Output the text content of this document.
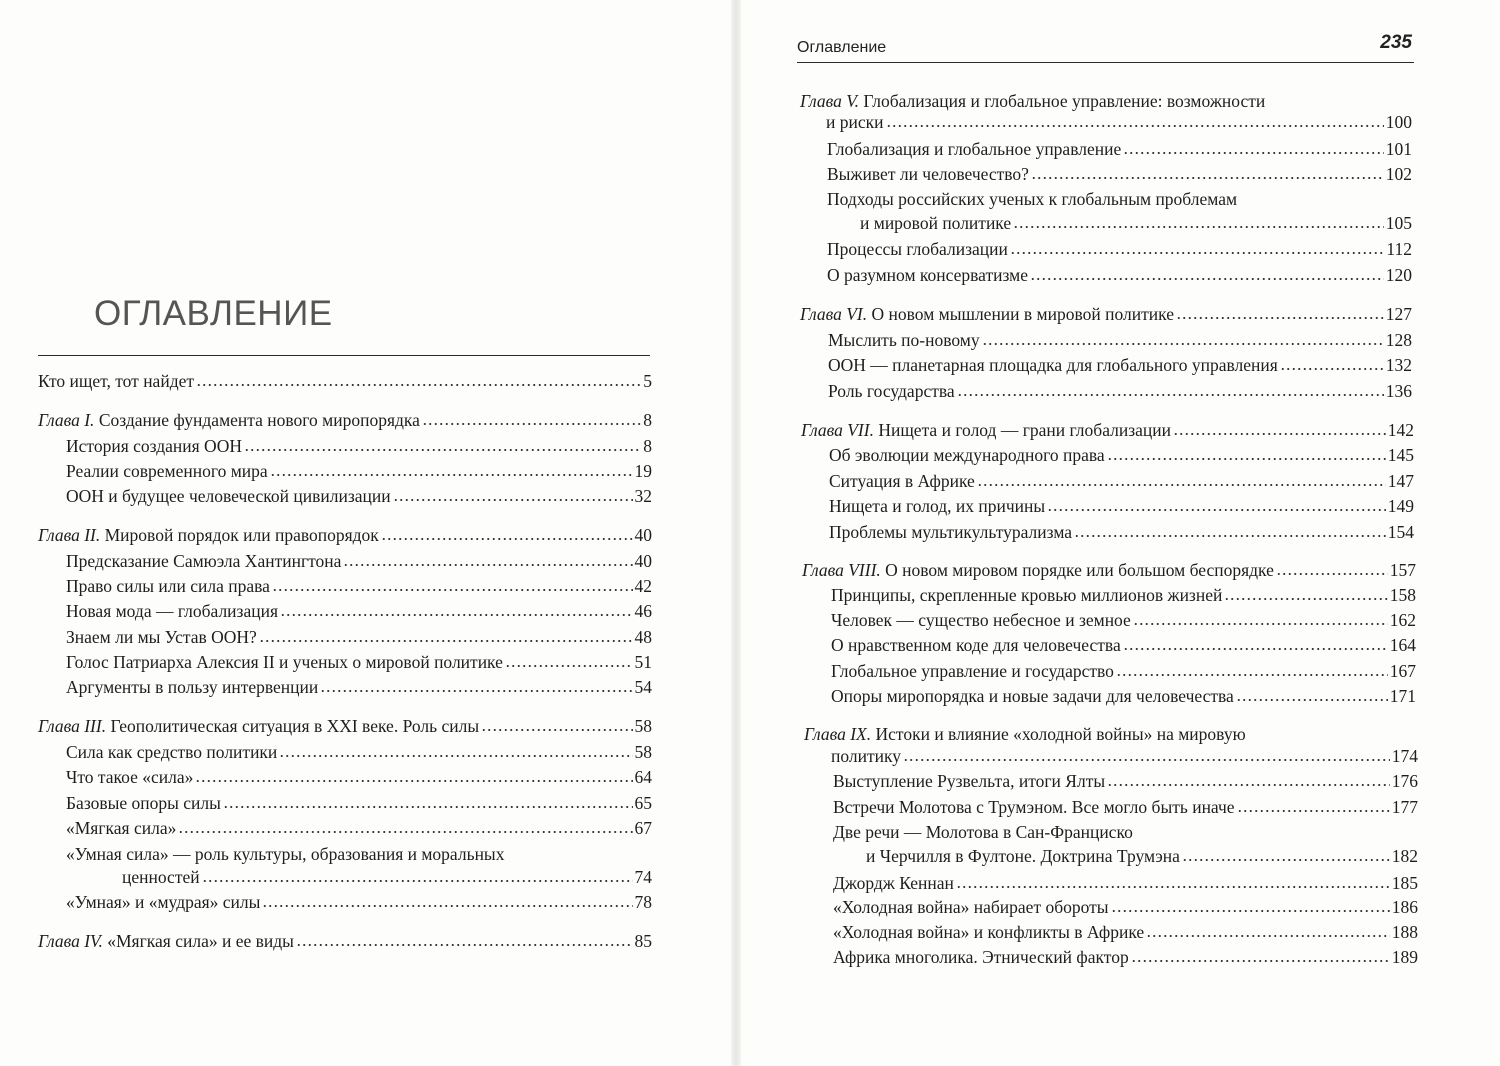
ОГЛАВЛЕНИЕ
Кто ищет, тот найдет	5
Глава I. Создание фундамента нового миропорядка	8
История создания ООН	8
Реалии современного мира	19
ООН и будущее человеческой цивилизации	32
Глава II. Мировой порядок или правопорядок	40
Предсказание Самюэла Хантингтона	40
Право силы или сила права	42
Новая мода — глобализация	46
Знаем ли мы Устав ООН?	48
Голос Патриарха Алексия II и ученых о мировой политике	51
Аргументы в пользу интервенции	54
Глава III. Геополитическая ситуация в XXI веке. Роль силы	58
Сила как средство политики	58
Что такое «сила»	64
Базовые опоры силы	65
«Мягкая сила»	67
«Умная сила» — роль культуры, образования и моральных
ценностей	74
«Умная» и «мудрая» силы	78
Глава IV. «Мягкая сила» и ее виды	85
Оглавление	235
Глава V. Глобализация и глобальное управление: возможности
и риски	100
Глобализация и глобальное управление	101
Выживет ли человечество?	102
Подходы российских ученых к глобальным проблемам
и мировой политике	105
Процессы глобализации	112
О разумном консерватизме	120
Глава VI. О новом мышлении в мировой политике	127
Мыслить по-новому	128
ООН — планетарная площадка для глобального управления	132
Роль государства	136
Глава VII. Нищета и голод — грани глобализации	142
Об эволюции международного права	145
Ситуация в Африке	147
Нищета и голод, их причины	149
Проблемы мультикультурализма	154
Глава VIII. О новом мировом порядке или большом беспорядке	157
Принципы, скрепленные кровью миллионов жизней	158
Человек — существо небесное и земное	162
О нравственном коде для человечества	164
Глобальное управление и государство	167
Опоры миропорядка и новые задачи для человечества	171
Глава IX. Истоки и влияние «холодной войны» на мировую
политику	174
Выступление Рузвельта, итоги Ялты	176
Встречи Молотова с Трумэном. Все могло быть иначе	177
Две речи — Молотова в Сан-Франциско
и Черчилля в Фултоне. Доктрина Трумэна	182
Джордж Кеннан	185
«Холодная война» набирает обороты	186
«Холодная война» и конфликты в Африке	188
Африка многолика. Этнический фактор	189
